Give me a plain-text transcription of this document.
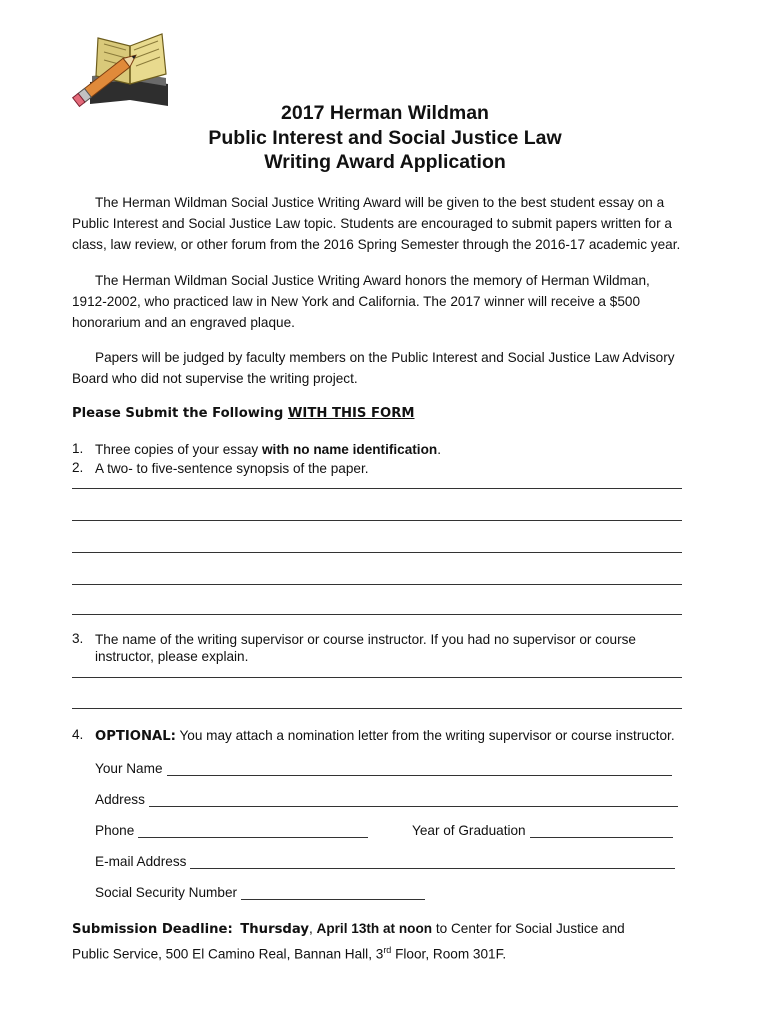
2017 Herman Wildman
Public Interest and Social Justice Law
Writing Award Application
The Herman Wildman Social Justice Writing Award will be given to the best student essay on a
Public Interest and Social Justice Law topic. Students are encouraged to submit papers written for a
class, law review, or other forum from the 2016 Spring Semester through the 2016-17 academic year.
The Herman Wildman Social Justice Writing Award honors the memory of Herman Wildman,
1912-2002, who practiced law in New York and California. The 2017 winner will receive a $500
honorarium and an engraved plaque.
Papers will be judged by faculty members on the Public Interest and Social Justice Law Advisory
Board who did not supervise the writing project.
Please Submit the Following WITH THIS FORM
1. Three copies of your essay with no name identification.
2. A two- to five-sentence synopsis of the paper.
3. The name of the writing supervisor or course instructor. If you had no supervisor or course
instructor, please explain.
4. OPTIONAL: You may attach a nomination letter from the writing supervisor or course instructor.
Your Name
Address
Phone	Year of Graduation
E-mail Address
Social Security Number
Submission Deadline: Thursday, April 13th at noon to Center for Social Justice and
Public Service, 500 El Camino Real, Bannan Hall, 3rd Floor, Room 301F.
